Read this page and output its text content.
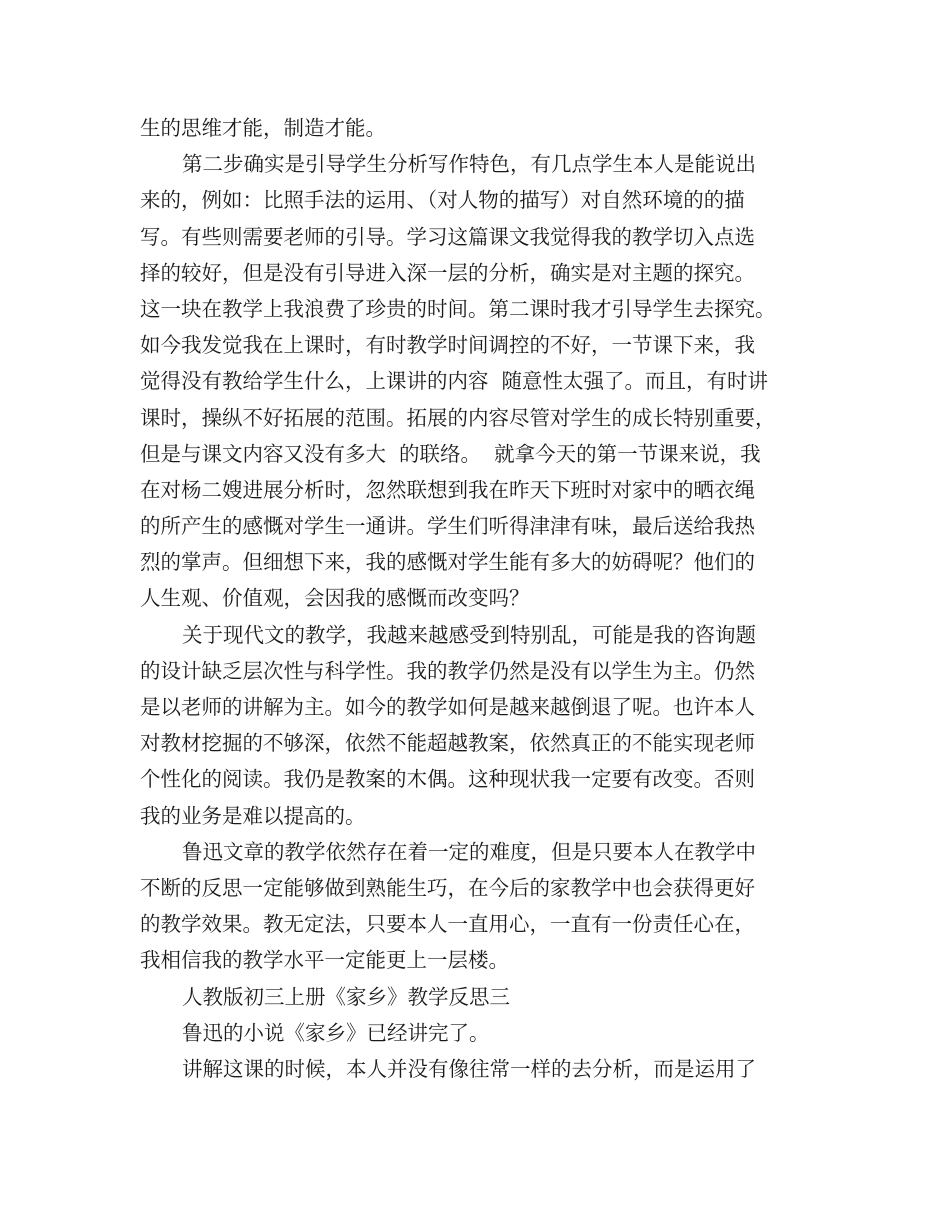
生的思维才能，制造才能。
第二步确实是引导学生分析写作特色，有几点学生本人是能说出
来的，例如：比照手法的运用、（对人物的描写）对自然环境的的描
写。有些则需要老师的引导。学习这篇课文我觉得我的教学切入点选
择的较好，但是没有引导进入深一层的分析，确实是对主题的探究。
这一块在教学上我浪费了珍贵的时间。第二课时我才引导学生去探究。
如今我发觉我在上课时，有时教学时间调控的不好，一节课下来，我
觉得没有教给学生什么，上课讲的内容  随意性太强了。而且，有时讲
课时，操纵不好拓展的范围。拓展的内容尽管对学生的成长特别重要，
但是与课文内容又没有多大  的联络。  就拿今天的第一节课来说，我
在对杨二嫂进展分析时，忽然联想到我在昨天下班时对家中的晒衣绳
的所产生的感慨对学生一通讲。学生们听得津津有味，最后送给我热
烈的掌声。但细想下来，我的感慨对学生能有多大的妨碍呢？他们的
人生观、价值观，会因我的感慨而改变吗？
关于现代文的教学，我越来越感受到特别乱，可能是我的咨询题
的设计缺乏层次性与科学性。我的教学仍然是没有以学生为主。仍然
是以老师的讲解为主。如今的教学如何是越来越倒退了呢。也许本人
对教材挖掘的不够深，依然不能超越教案，依然真正的不能实现老师
个性化的阅读。我仍是教案的木偶。这种现状我一定要有改变。否则
我的业务是难以提高的。
鲁迅文章的教学依然存在着一定的难度，但是只要本人在教学中
不断的反思一定能够做到熟能生巧，在今后的家教学中也会获得更好
的教学效果。教无定法，只要本人一直用心，一直有一份责任心在，
我相信我的教学水平一定能更上一层楼。
人教版初三上册《家乡》教学反思三
鲁迅的小说《家乡》已经讲完了。
讲解这课的时候，本人并没有像往常一样的去分析，而是运用了
